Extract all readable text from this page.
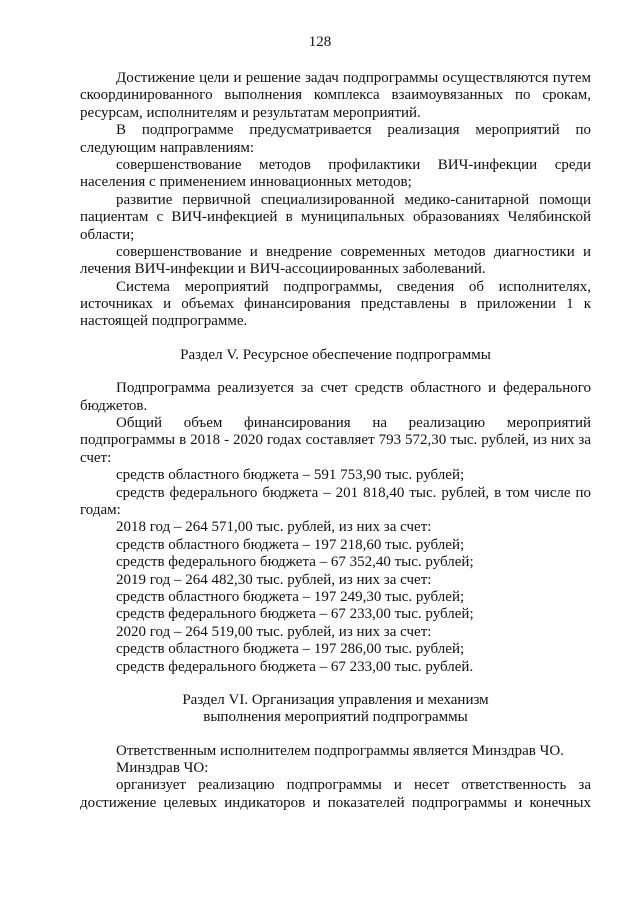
128
Достижение цели и решение задач подпрограммы осуществляются путем
скоординированного выполнения комплекса взаимоувязанных по срокам,
ресурсам, исполнителям и результатам мероприятий.
В подпрограмме предусматривается реализация мероприятий по
следующим направлениям:
совершенствование методов профилактики ВИЧ-инфекции среди
населения с применением инновационных методов;
развитие первичной специализированной медико-санитарной помощи
пациентам с ВИЧ-инфекцией в муниципальных образованиях Челябинской
области;
совершенствование и внедрение современных методов диагностики и
лечения ВИЧ-инфекции и ВИЧ-ассоциированных заболеваний.
Система мероприятий подпрограммы, сведения об исполнителях,
источниках и объемах финансирования представлены в приложении 1 к
настоящей подпрограмме.
Раздел V. Ресурсное обеспечение подпрограммы
Подпрограмма реализуется за счет средств областного и федерального
бюджетов.
Общий объем финансирования на реализацию мероприятий
подпрограммы в 2018 - 2020 годах составляет 793 572,30 тыс. рублей, из них за
счет:
средств областного бюджета – 591 753,90 тыс. рублей;
средств федерального бюджета – 201 818,40 тыс. рублей, в том числе по
годам:
2018 год – 264 571,00 тыс. рублей, из них за счет:
средств областного бюджета – 197 218,60 тыс. рублей;
средств федерального бюджета – 67 352,40 тыс. рублей;
2019 год – 264 482,30 тыс. рублей, из них за счет:
средств областного бюджета – 197 249,30 тыс. рублей;
средств федерального бюджета – 67 233,00 тыс. рублей;
2020 год – 264 519,00 тыс. рублей, из них за счет:
средств областного бюджета – 197 286,00 тыс. рублей;
средств федерального бюджета – 67 233,00 тыс. рублей.
Раздел VI. Организация управления и механизм
выполнения мероприятий подпрограммы
Ответственным исполнителем подпрограммы является Минздрав ЧО.
Минздрав ЧО:
организует реализацию подпрограммы и несет ответственность за
достижение целевых индикаторов и показателей подпрограммы и конечных
